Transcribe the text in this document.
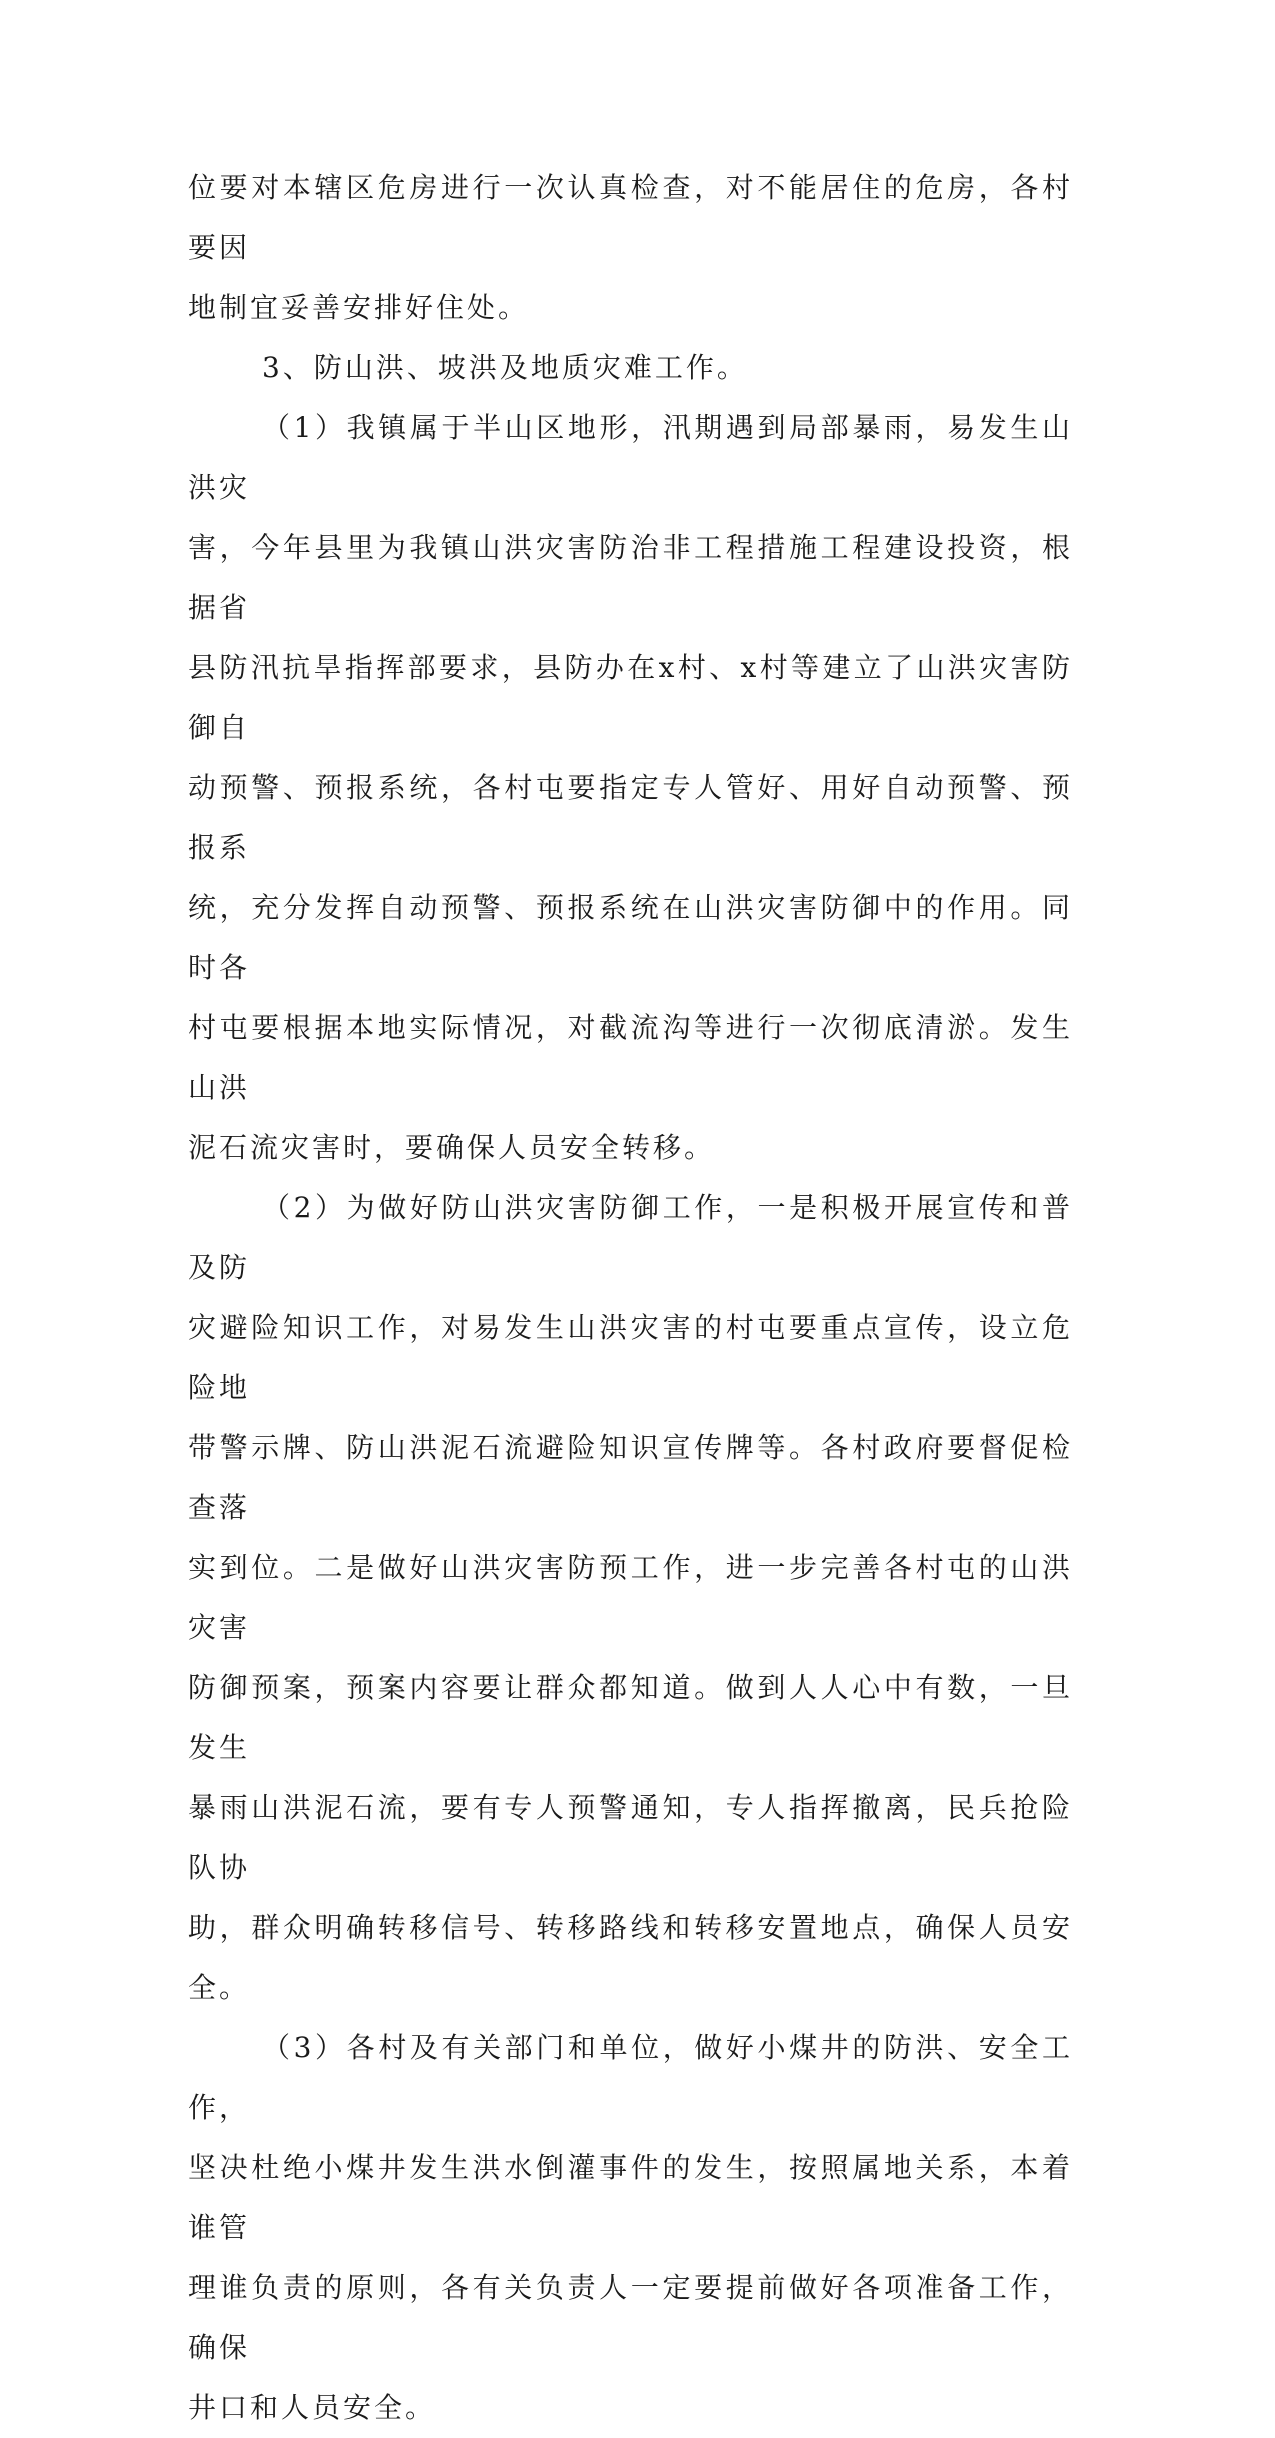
位要对本辖区危房进行一次认真检查，对不能居住的危房，各村要因
地制宜妥善安排好住处。

3、防山洪、坡洪及地质灾难工作。

（1）我镇属于半山区地形，汛期遇到局部暴雨，易发生山洪灾
害，今年县里为我镇山洪灾害防治非工程措施工程建设投资，根据省
县防汛抗旱指挥部要求，县防办在x村、x村等建立了山洪灾害防御自
动预警、预报系统，各村屯要指定专人管好、用好自动预警、预报系
统，充分发挥自动预警、预报系统在山洪灾害防御中的作用。同时各
村屯要根据本地实际情况，对截流沟等进行一次彻底清淤。发生山洪
泥石流灾害时，要确保人员安全转移。

（2）为做好防山洪灾害防御工作，一是积极开展宣传和普及防
灾避险知识工作，对易发生山洪灾害的村屯要重点宣传，设立危险地
带警示牌、防山洪泥石流避险知识宣传牌等。各村政府要督促检查落
实到位。二是做好山洪灾害防预工作，进一步完善各村屯的山洪灾害
防御预案，预案内容要让群众都知道。做到人人心中有数，一旦发生
暴雨山洪泥石流，要有专人预警通知，专人指挥撤离，民兵抢险队协
助，群众明确转移信号、转移路线和转移安置地点，确保人员安全。

（3）各村及有关部门和单位，做好小煤井的防洪、安全工作，
坚决杜绝小煤井发生洪水倒灌事件的发生，按照属地关系，本着谁管
理谁负责的原则，各有关负责人一定要提前做好各项准备工作，确保
井口和人员安全。
